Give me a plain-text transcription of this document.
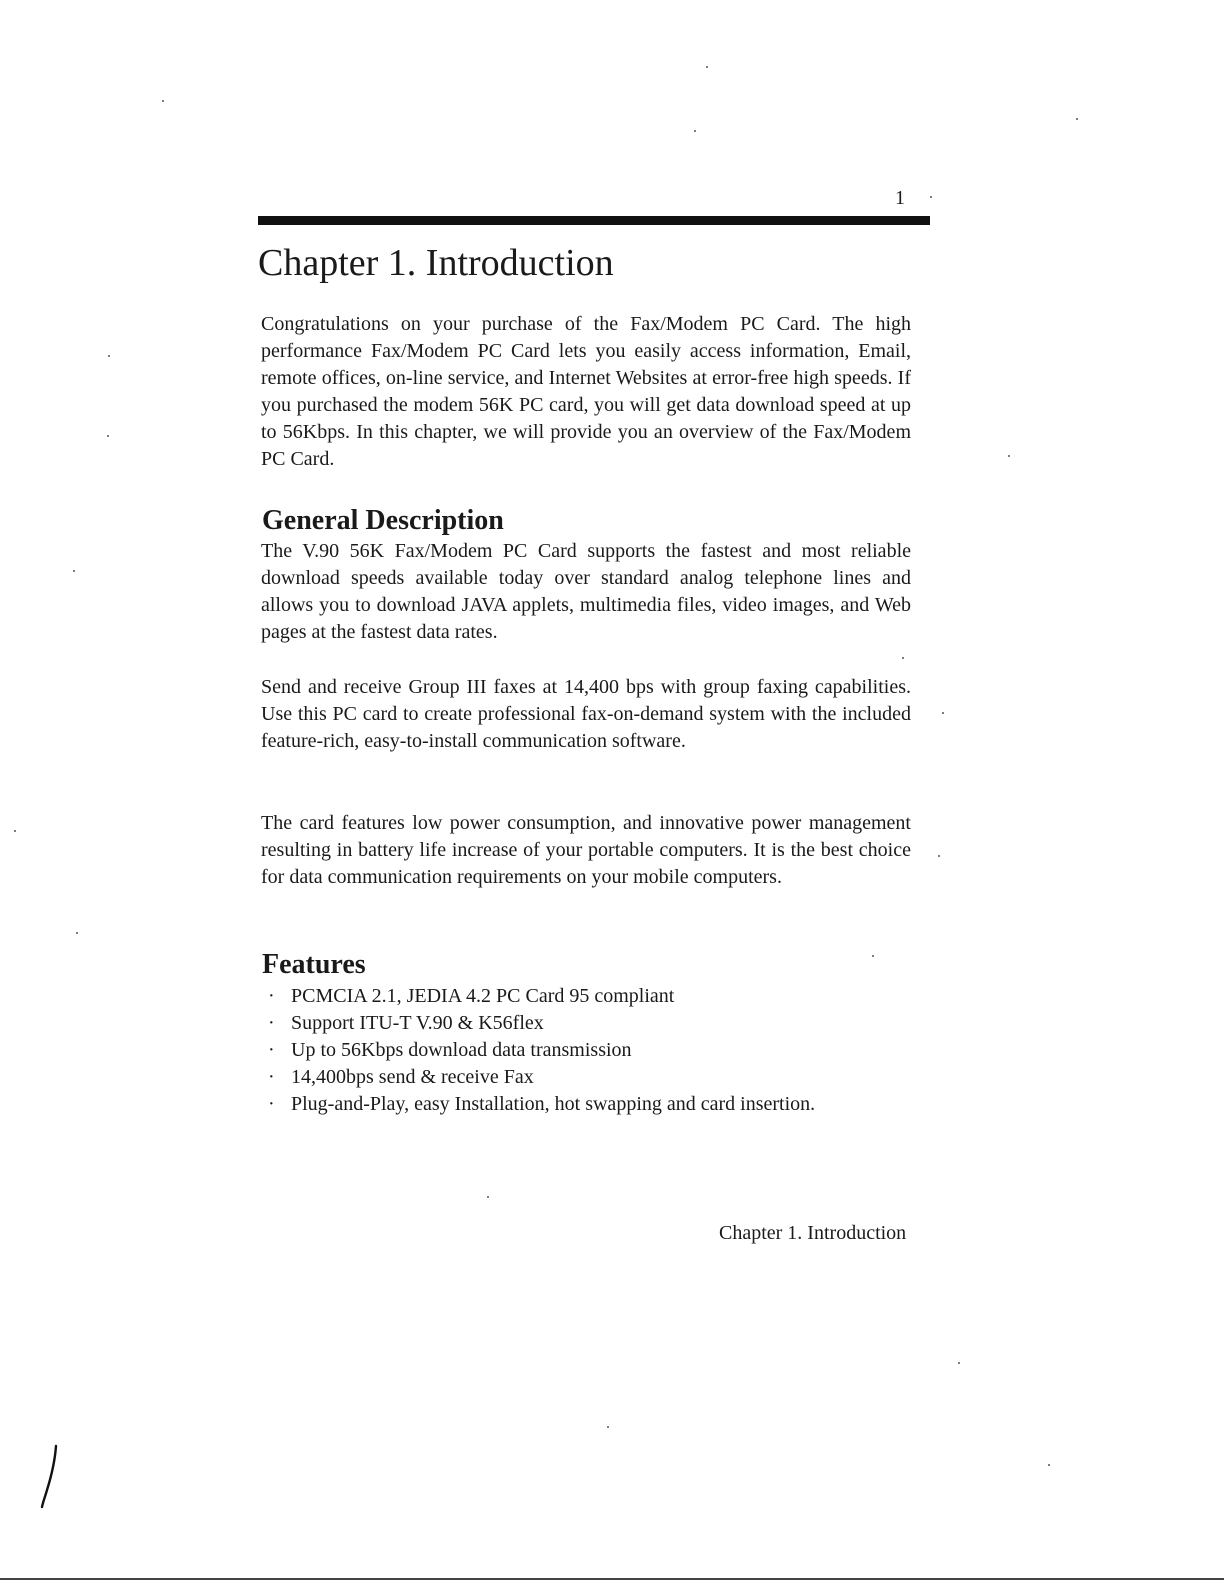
1
Chapter 1. Introduction

Congratulations on your purchase of the Fax/Modem PC Card. The high performance Fax/Modem PC Card lets you easily access information, Email, remote offices, on-line service, and Internet Websites at error-free high speeds. If you purchased the modem 56K PC card, you will get data download speed at up to 56Kbps. In this chapter, we will provide you an overview of the Fax/Modem PC Card.

General Description

The V.90 56K Fax/Modem PC Card supports the fastest and most reliable download speeds available today over standard analog telephone lines and allows you to download JAVA applets, multimedia files, video images, and Web pages at the fastest data rates.

Send and receive Group III faxes at 14,400 bps with group faxing capabilities. Use this PC card to create professional fax-on-demand system with the included feature-rich, easy-to-install communication software.

The card features low power consumption, and innovative power management resulting in battery life increase of your portable computers. It is the best choice for data communication requirements on your mobile computers.

Features
· PCMCIA 2.1, JEDIA 4.2 PC Card 95 compliant
· Support ITU-T V.90 & K56flex
· Up to 56Kbps download data transmission
· 14,400bps send & receive Fax
· Plug-and-Play, easy Installation, hot swapping and card insertion.
Chapter 1. Introduction
